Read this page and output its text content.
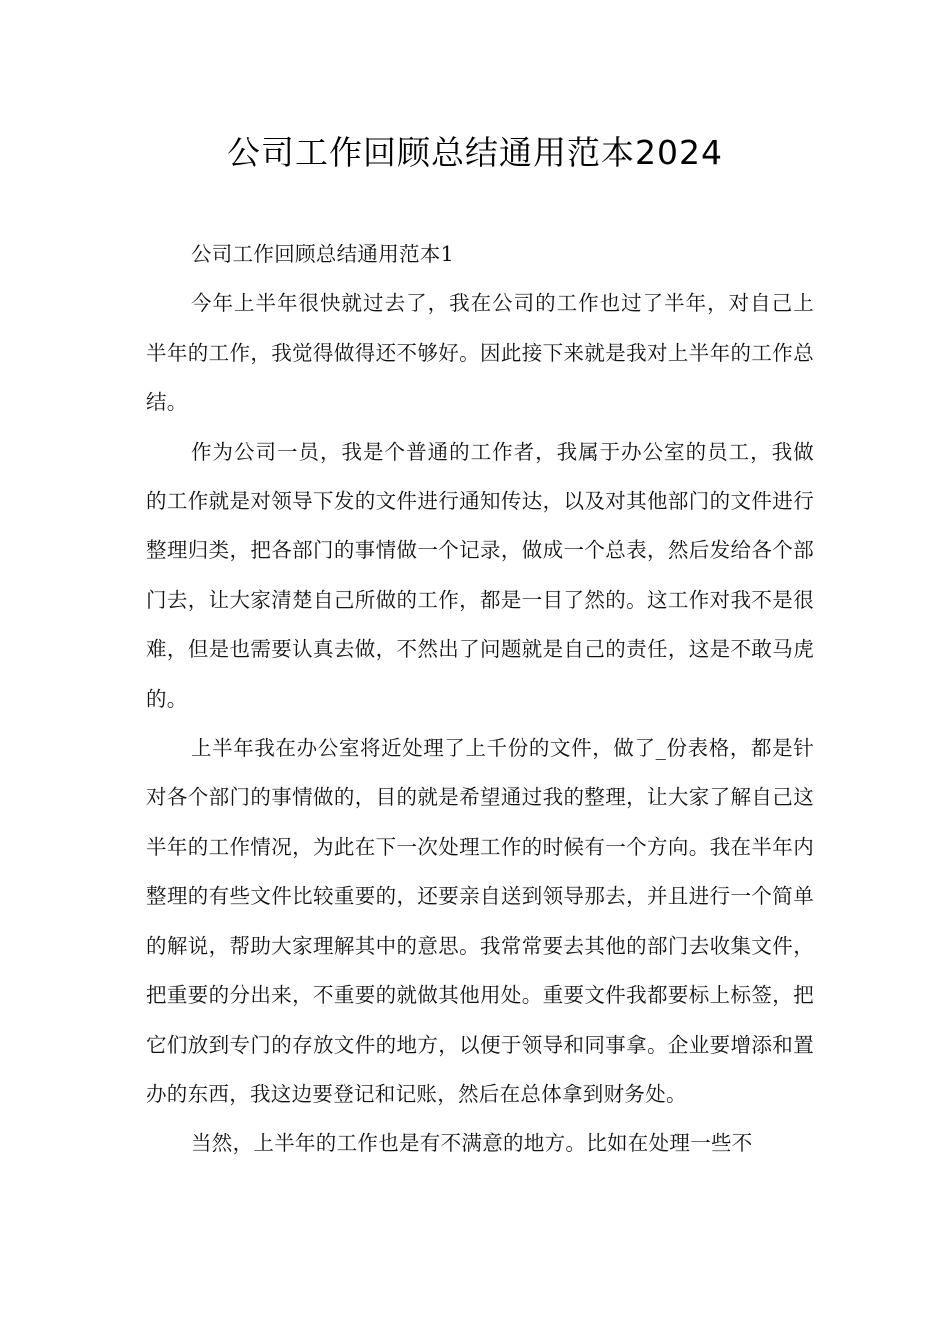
公司工作回顾总结通用范本2024

公司工作回顾总结通用范本1

今年上半年很快就过去了，我在公司的工作也过了半年，对自己上半年的工作，我觉得做得还不够好。因此接下来就是我对上半年的工作总结。

作为公司一员，我是个普通的工作者，我属于办公室的员工，我做的工作就是对领导下发的文件进行通知传达，以及对其他部门的文件进行整理归类，把各部门的事情做一个记录，做成一个总表，然后发给各个部门去，让大家清楚自己所做的工作，都是一目了然的。这工作对我不是很难，但是也需要认真去做，不然出了问题就是自己的责任，这是不敢马虎的。

上半年我在办公室将近处理了上千份的文件，做了_份表格，都是针对各个部门的事情做的，目的就是希望通过我的整理，让大家了解自己这半年的工作情况，为此在下一次处理工作的时候有一个方向。我在半年内整理的有些文件比较重要的，还要亲自送到领导那去，并且进行一个简单的解说，帮助大家理解其中的意思。我常常要去其他的部门去收集文件，把重要的分出来，不重要的就做其他用处。重要文件我都要标上标签，把它们放到专门的存放文件的地方，以便于领导和同事拿。企业要增添和置办的东西，我这边要登记和记账，然后在总体拿到财务处。

当然，上半年的工作也是有不满意的地方。比如在处理一些不
